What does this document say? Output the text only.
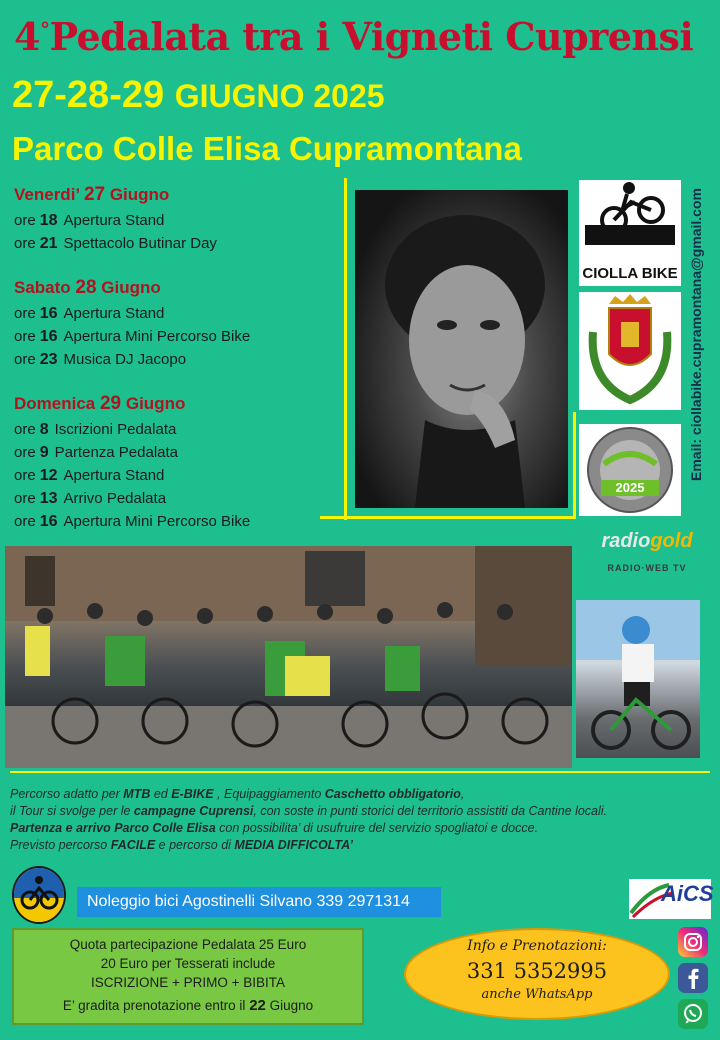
4°Pedalata tra i Vigneti Cuprensi
27-28-29 GIUGNO 2025
Parco Colle Elisa Cupramontana
Venerdi’ 27 Giugno
ore 18 Apertura Stand
ore 21 Spettacolo Butinar Day
Sabato 28 Giugno
ore 16 Apertura Stand
ore 16 Apertura Mini Percorso Bike
ore 23 Musica DJ Jacopo
Domenica 29 Giugno
ore 8 Iscrizioni Pedalata
ore 9 Partenza Pedalata
ore 12 Apertura Stand
ore 13 Arrivo Pedalata
ore 16 Apertura Mini Percorso Bike
CIOLLA BIKE
2025
Email: ciollabike.cupramontana@gmail.com
radiogold
RADIO·WEB TV
Percorso adatto per MTB ed E-BIKE , Equipaggiamento Caschetto obbligatorio,
il Tour si svolge per le campagne Cuprensi, con soste in punti storici del territorio assistiti da Cantine locali.
Partenza e arrivo Parco Colle Elisa con possibilita’ di usufruire del servizio spogliatoi e docce.
Previsto percorso FACILE e percorso di MEDIA DIFFICOLTA’
Noleggio bici Agostinelli Silvano 339 2971314	AiCS
Quota partecipazione Pedalata 25 Euro
20 Euro per Tesserati include
ISCRIZIONE + PRIMO + BIBITA
E’ gradita prenotazione entro il 22 Giugno
Info e Prenotazioni:
331 5352995
anche WhatsApp
